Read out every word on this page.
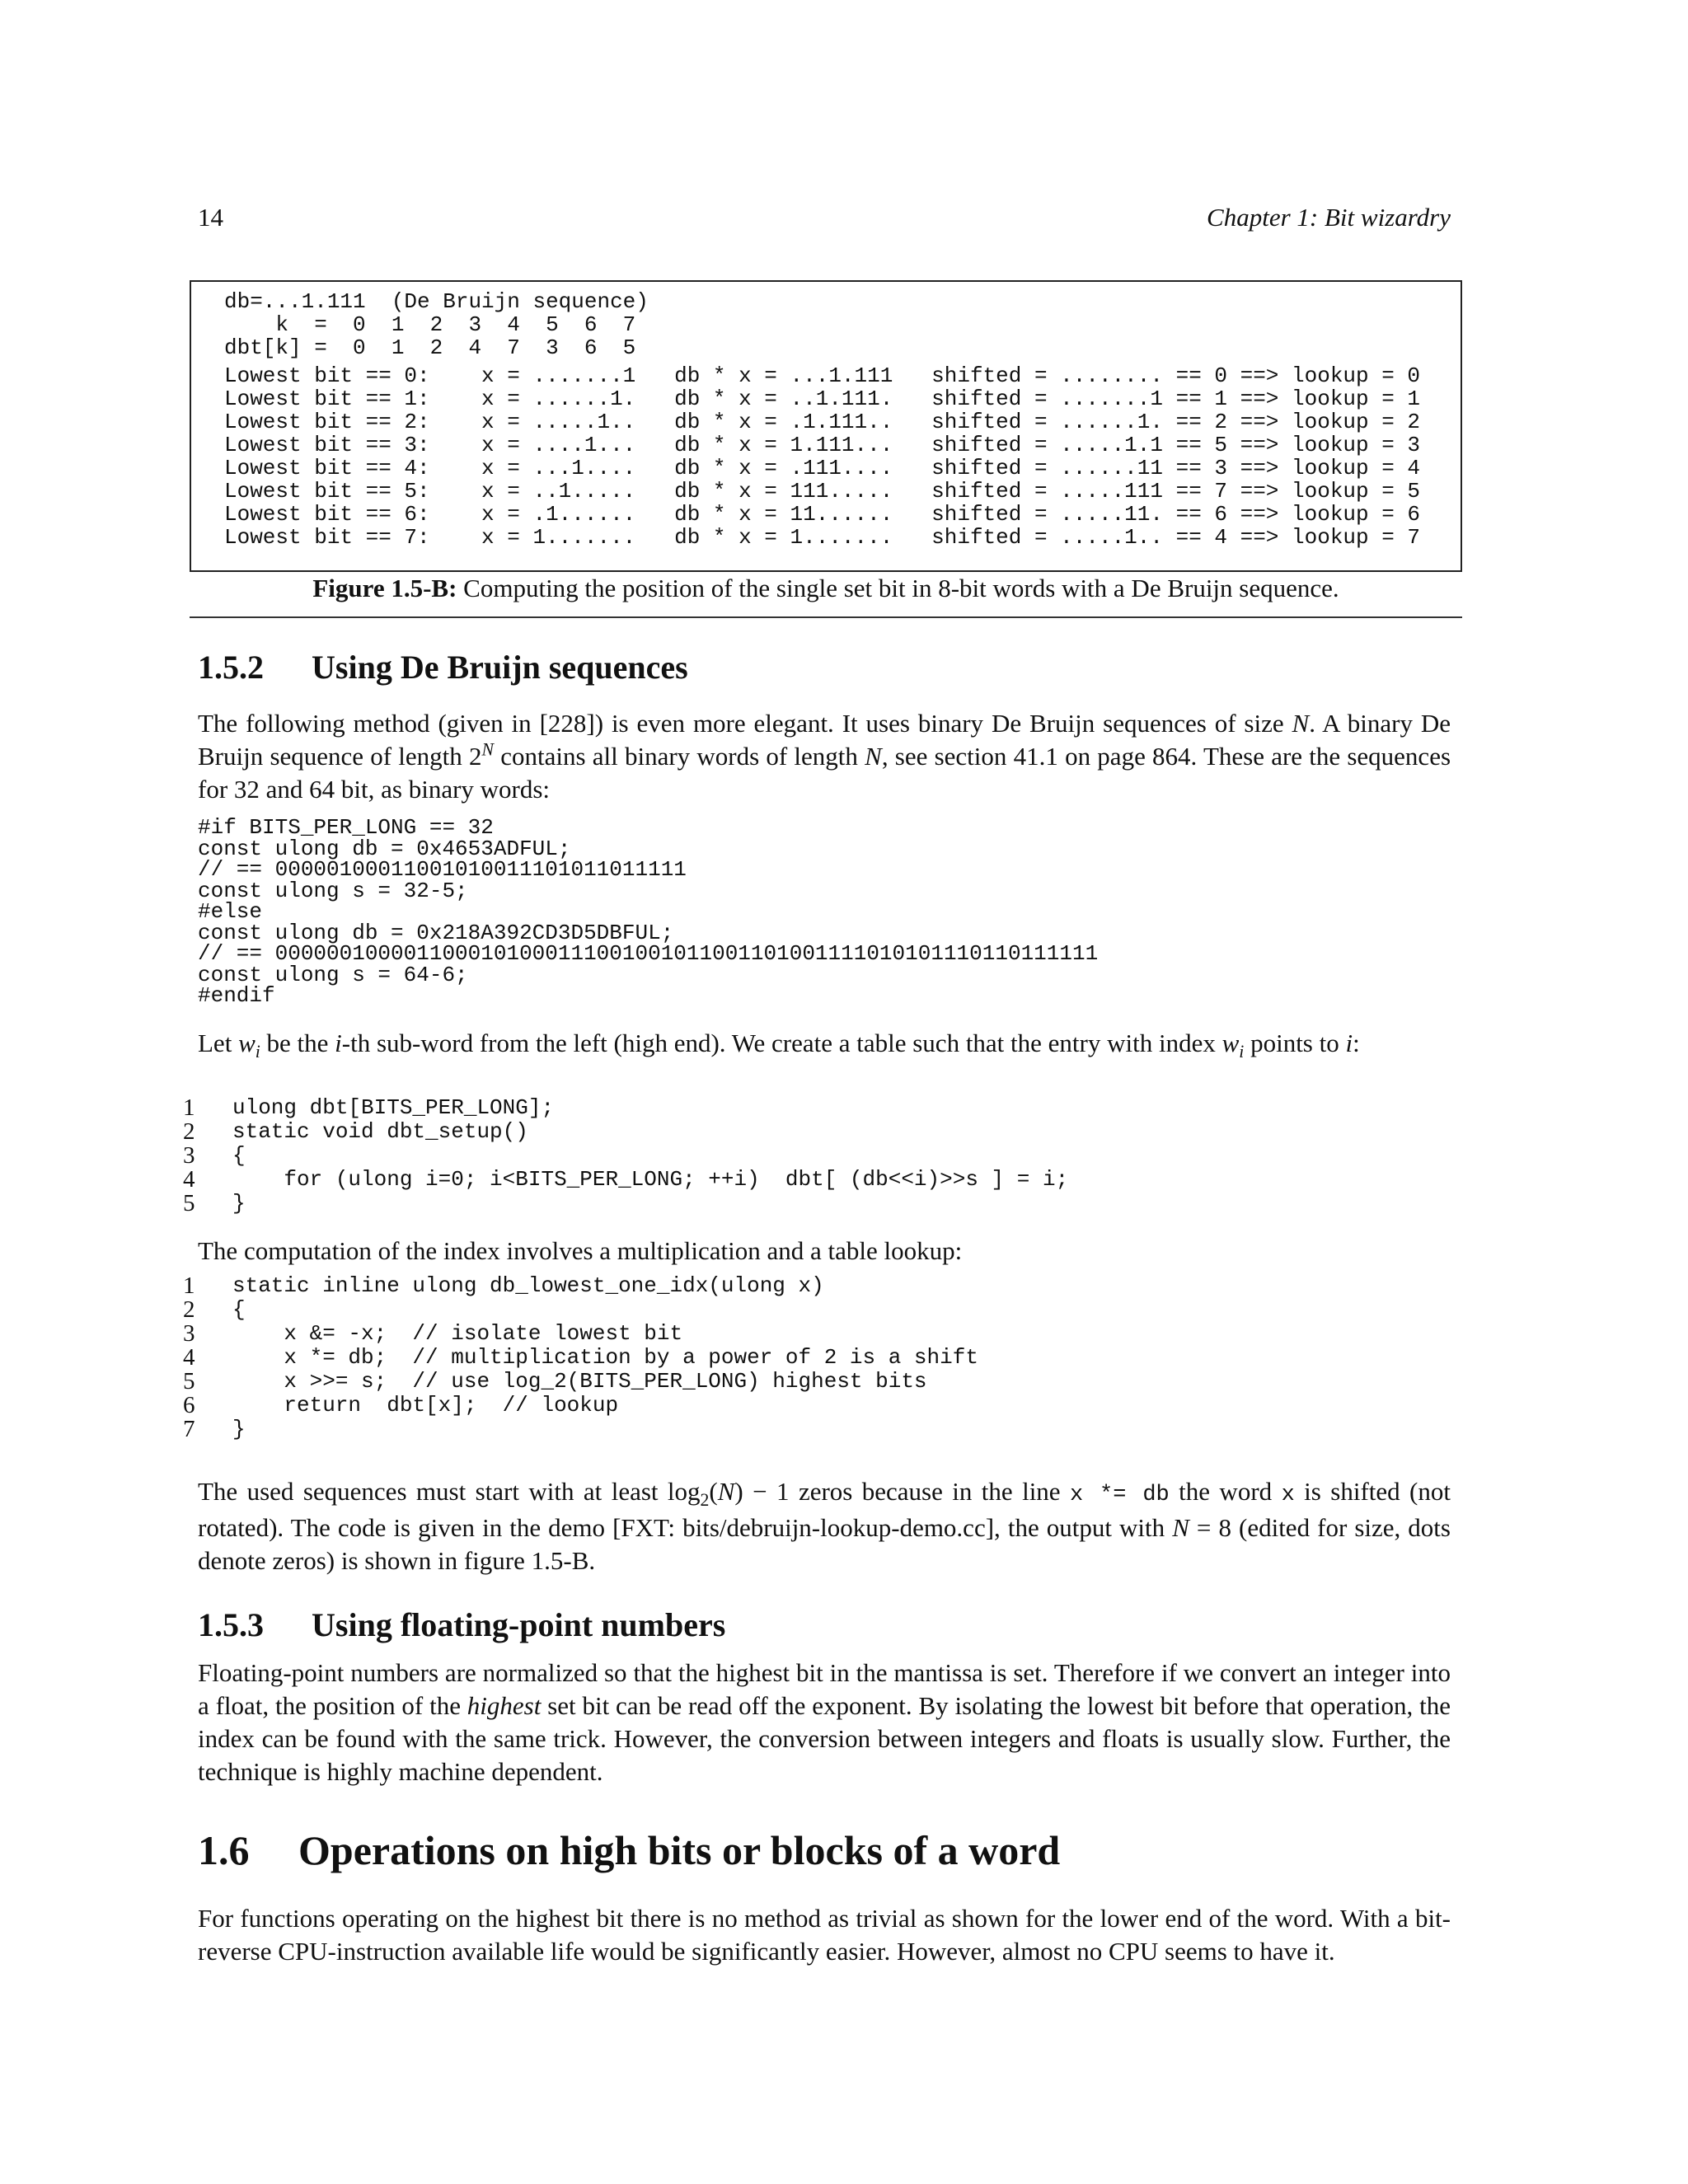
14	Chapter 1: Bit wizardry
db=...1.111  (De Bruijn sequence)
k  =  0  1  2  3  4  5  6  7
dbt[k] =  0  1  2  4  7  3  6  5

Lowest bit == 0:    x = .......1   db * x = ...1.111   shifted = ........ == 0 ==> lookup = 0
Lowest bit == 1:    x = ......1.   db * x = ..1.111.   shifted = .......1 == 1 ==> lookup = 1
Lowest bit == 2:    x = .....1..   db * x = .1.111..   shifted = ......1. == 2 ==> lookup = 2
Lowest bit == 3:    x = ....1...   db * x = 1.111...   shifted = .....1.1 == 5 ==> lookup = 3
Lowest bit == 4:    x = ...1....   db * x = .111....   shifted = ......11 == 3 ==> lookup = 4
Lowest bit == 5:    x = ..1.....   db * x = 111.....   shifted = .....111 == 7 ==> lookup = 5
Lowest bit == 6:    x = .1......   db * x = 11......   shifted = .....11. == 6 ==> lookup = 6
Lowest bit == 7:    x = 1.......   db * x = 1.......   shifted = .....1.. == 4 ==> lookup = 7
Figure 1.5-B: Computing the position of the single set bit in 8-bit words with a De Bruijn sequence.
1.5.2 Using De Bruijn sequences

The following method (given in [228]) is even more elegant. It uses binary De Bruijn sequences of size N. A binary De Bruijn sequence of length $2^N$ contains all binary words of length N, see section 41.1 on page 864. These are the sequences for 32 and 64 bit, as binary words:

#if BITS_PER_LONG == 32
const ulong db = 0x4653ADFUL;
// == 00000100011001010011101011011111
const ulong s = 32-5;
#else
const ulong db = 0x218A392CD3D5DBFUL;
// == 0000001000011000101000111001001011001101001111010101110110111111
const ulong s = 64-6;
#endif

Let $w_i$ be the i-th sub-word from the left (high end). We create a table such that the entry with index $w_i$ points to i:

1	ulong dbt[BITS_PER_LONG];
2	static void dbt_setup()
3	{
4	for (ulong i=0; i<BITS_PER_LONG; ++i)  dbt[ (db<<i)>>s ] = i;
5	}

The computation of the index involves a multiplication and a table lookup:

1	static inline ulong db_lowest_one_idx(ulong x)
2	{
3	x &= -x;  // isolate lowest bit
4	x *= db;  // multiplication by a power of 2 is a shift
5	x >>= s;  // use log_2(BITS_PER_LONG) highest bits
6	return  dbt[x];  // lookup
7	}

The used sequences must start with at least $\log_2(N) - 1$ zeros because in the line x *= db the word x is shifted (not rotated). The code is given in the demo [FXT: bits/debruijn-lookup-demo.cc], the output with N = 8 (edited for size, dots denote zeros) is shown in figure 1.5-B.

1.5.3 Using floating-point numbers

Floating-point numbers are normalized so that the highest bit in the mantissa is set. Therefore if we convert an integer into a float, the position of the highest set bit can be read off the exponent. By isolating the lowest bit before that operation, the index can be found with the same trick. However, the conversion between integers and floats is usually slow. Further, the technique is highly machine dependent.

1.6 Operations on high bits or blocks of a word

For functions operating on the highest bit there is no method as trivial as shown for the lower end of the word. With a bit-reverse CPU-instruction available life would be significantly easier. However, almost no CPU seems to have it.
